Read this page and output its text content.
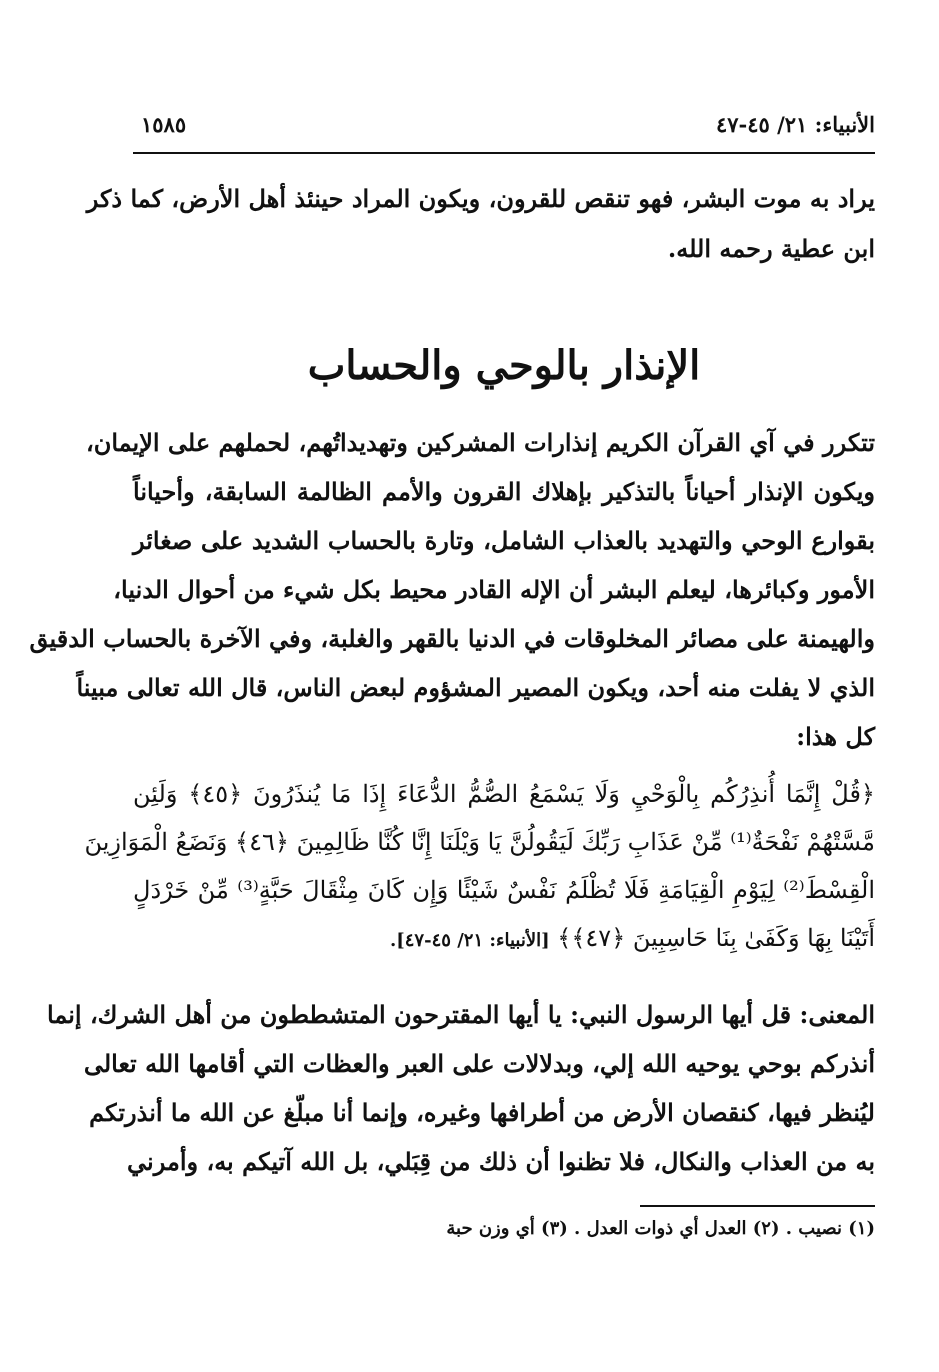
الأنبياء: ٢١/ ٤٥-٤٧
١٥٨٥
يراد به موت البشر، فهو تنقص للقرون، ويكون المراد حينئذ أهل الأرض، كما ذكر
ابن عطية رحمه الله.
الإنذار بالوحي والحساب
تتكرر في آي القرآن الكريم إنذارات المشركين وتهديداتُهم، لحملهم على الإيمان،
ويكون الإنذار أحياناً بالتذكير بإهلاك القرون والأمم الظالمة السابقة، وأحياناً
بقوارع الوحي والتهديد بالعذاب الشامل، وتارة بالحساب الشديد على صغائر
الأمور وكبائرها، ليعلم البشر أن الإله القادر محيط بكل شيء من أحوال الدنيا،
والهيمنة على مصائر المخلوقات في الدنيا بالقهر والغلبة، وفي الآخرة بالحساب الدقيق
الذي لا يفلت منه أحد، ويكون المصير المشؤوم لبعض الناس، قال الله تعالى مبيناً
كل هذا:
﴿قُلْ إِنَّمَا أُنذِرُكُم بِالْوَحْيِ وَلَا يَسْمَعُ الصُّمُّ الدُّعَاءَ إِذَا مَا يُنذَرُونَ ﴿٤٥﴾ وَلَئِن
مَّسَّتْهُمْ نَفْحَةٌ⁽¹⁾ مِّنْ عَذَابِ رَبِّكَ لَيَقُولُنَّ يَا وَيْلَنَا إِنَّا كُنَّا ظَالِمِينَ ﴿٤٦﴾ وَنَضَعُ الْمَوَازِينَ
الْقِسْطَ⁽²⁾ لِيَوْمِ الْقِيَامَةِ فَلَا تُظْلَمُ نَفْسٌ شَيْئًا وَإِن كَانَ مِثْقَالَ حَبَّةٍ⁽³⁾ مِّنْ خَرْدَلٍ
أَتَيْنَا بِهَا وَكَفَىٰ بِنَا حَاسِبِينَ ﴿٤٧﴾﴾ [الأنبياء: ٢١/ ٤٥-٤٧].
المعنى: قل أيها الرسول النبي: يا أيها المقترحون المتشططون من أهل الشرك، إنما
أنذركم بوحي يوحيه الله إلي، وبدلالات على العبر والعظات التي أقامها الله تعالى
ليُنظر فيها، كنقصان الأرض من أطرافها وغيره، وإنما أنا مبلّغ عن الله ما أنذرتكم
به من العذاب والنكال، فلا تظنوا أن ذلك من قِبَلي، بل الله آتيكم به، وأمرني
(١) نصيب . (٢) العدل أي ذوات العدل . (٣) أي وزن حبة
